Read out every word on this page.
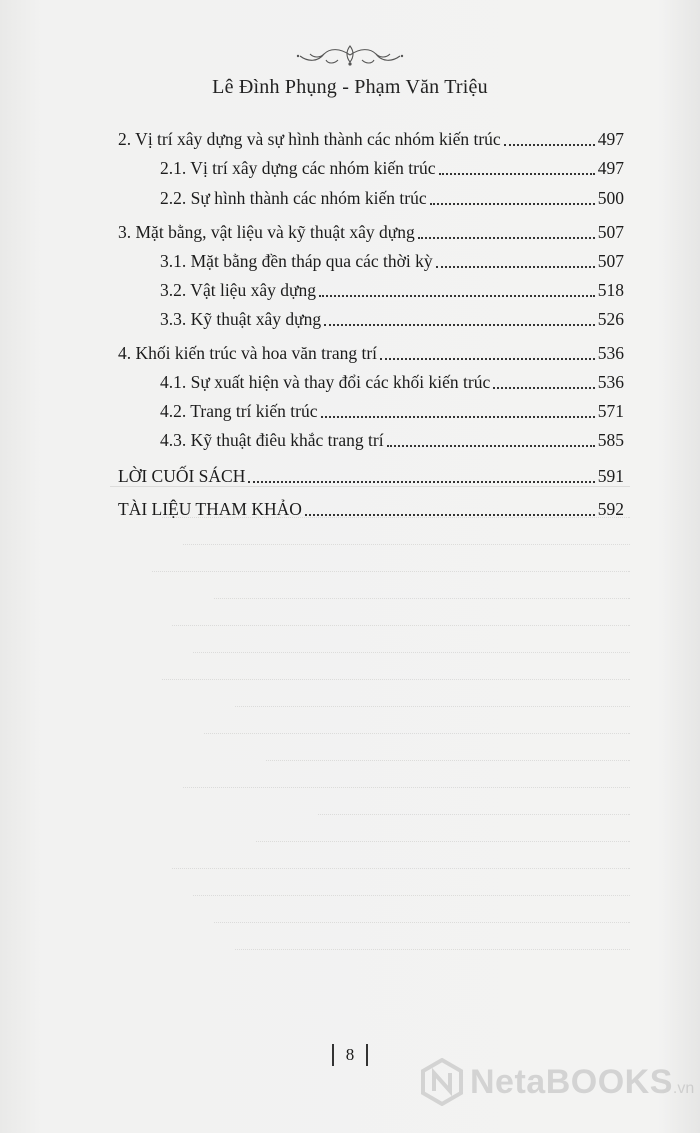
Lê Đình Phụng - Phạm Văn Triệu
2. Vị trí xây dựng và sự hình thành các nhóm kiến trúc	497
2.1. Vị trí xây dựng các nhóm kiến trúc	497
2.2. Sự hình thành các nhóm kiến trúc	500
3. Mặt bằng, vật liệu và kỹ thuật xây dựng	507
3.1. Mặt bằng đền tháp qua các thời kỳ	507
3.2. Vật liệu xây dựng	518
3.3. Kỹ thuật xây dựng	526
4. Khối kiến trúc và hoa văn trang trí	536
4.1. Sự xuất hiện và thay đổi các khối kiến trúc	536
4.2. Trang trí kiến trúc	571
4.3. Kỹ thuật điêu khắc trang trí	585
LỜI CUỐI SÁCH	591
TÀI LIỆU THAM KHẢO	592
8
NetaBOOKS .vn
